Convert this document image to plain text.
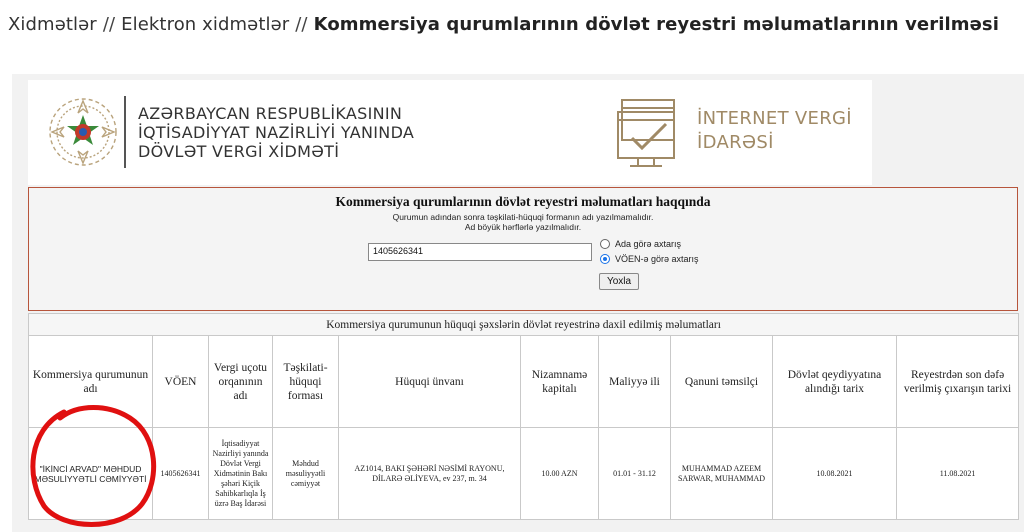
Xidmətlər // Elektron xidmətlər // Kommersiya qurumlarının dövlət reyestri məlumatlarının verilməsi
AZƏRBAYCAN RESPUBLİKASININ
İQTİSADİYYAT NAZİRLİYİ YANINDA
DÖVLƏT VERGİ XİDMƏTİ
İNTERNET VERGİ
İDARƏSİ
Kommersiya qurumlarının dövlət reyestri məlumatları haqqında
Qurumun adından sonra təşkilati-hüquqi formanın adı yazılmamalıdır.
Ad böyük hərflərlə yazılmalıdır.
1405626341
Ada görə axtarış
VÖEN-ə görə axtarış
Yoxla
Kommersiya qurumunun hüquqi şəxslərin dövlət reyestrinə daxil edilmiş məlumatları									
Kommersiya qurumunun adı	VÖEN	Vergi uçotu orqanının adı	Təşkilati-hüquqi forması	Hüquqi ünvanı	Nizamnamə kapitalı	Maliyyə ili	Qanuni təmsilçi	Dövlət qeydiyyatına alındığı tarix	Reyestrdən son dəfə verilmiş çıxarışın tarixi
"İKİNCİ ARVAD" MƏHDUD MƏSULİYYƏTLİ CƏMİYYƏTİ	1405626341	İqtisadiyyat Nazirliyi yanında Dövlət Vergi Xidmətinin Bakı şəhəri Kiçik Sahibkarlıqla İş üzrə Baş İdarəsi	Məhdud məsuliyyətli cəmiyyət	AZ1014, BAKI ŞƏHƏRİ NƏSİMİ RAYONU, DİLARƏ ƏLİYEVA, ev 237, m. 34	10.00 AZN	01.01 - 31.12	MUHAMMAD AZEEM SARWAR, MUHAMMAD	10.08.2021	11.08.2021
